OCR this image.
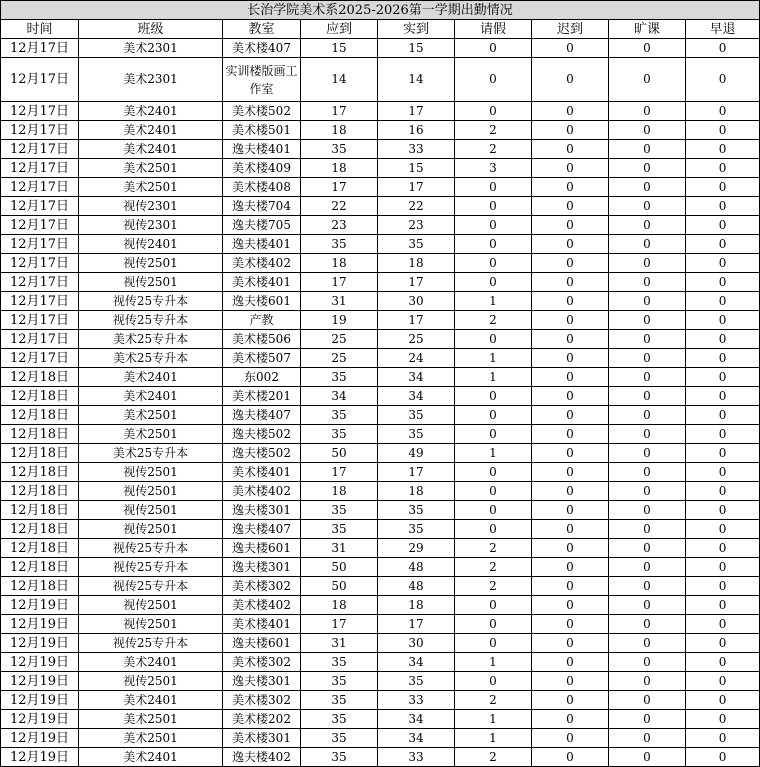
长治学院美术系2025-2026第一学期出勤情况								
时间	班级	教室	应到	实到	请假	迟到	旷课	早退
12月17日	美术2301	美术楼407	15	15	0	0	0	0
12月17日	美术2301	实训楼版画工作室	14	14	0	0	0	0
12月17日	美术2401	美术楼502	17	17	0	0	0	0
12月17日	美术2401	美术楼501	18	16	2	0	0	0
12月17日	美术2401	逸夫楼401	35	33	2	0	0	0
12月17日	美术2501	美术楼409	18	15	3	0	0	0
12月17日	美术2501	美术楼408	17	17	0	0	0	0
12月17日	视传2301	逸夫楼704	22	22	0	0	0	0
12月17日	视传2301	逸夫楼705	23	23	0	0	0	0
12月17日	视传2401	逸夫楼401	35	35	0	0	0	0
12月17日	视传2501	美术楼402	18	18	0	0	0	0
12月17日	视传2501	美术楼401	17	17	0	0	0	0
12月17日	视传25专升本	逸夫楼601	31	30	1	0	0	0
12月17日	视传25专升本	产教	19	17	2	0	0	0
12月17日	美术25专升本	美术楼506	25	25	0	0	0	0
12月17日	美术25专升本	美术楼507	25	24	1	0	0	0
12月18日	美术2401	东002	35	34	1	0	0	0
12月18日	美术2401	美术楼201	34	34	0	0	0	0
12月18日	美术2501	逸夫楼407	35	35	0	0	0	0
12月18日	美术2501	逸夫楼502	35	35	0	0	0	0
12月18日	美术25专升本	逸夫楼502	50	49	1	0	0	0
12月18日	视传2501	美术楼401	17	17	0	0	0	0
12月18日	视传2501	美术楼402	18	18	0	0	0	0
12月18日	视传2501	逸夫楼301	35	35	0	0	0	0
12月18日	视传2501	逸夫楼407	35	35	0	0	0	0
12月18日	视传25专升本	逸夫楼601	31	29	2	0	0	0
12月18日	视传25专升本	逸夫楼301	50	48	2	0	0	0
12月18日	视传25专升本	美术楼302	50	48	2	0	0	0
12月19日	视传2501	美术楼402	18	18	0	0	0	0
12月19日	视传2501	美术楼401	17	17	0	0	0	0
12月19日	视传25专升本	逸夫楼601	31	30	0	0	0	0
12月19日	美术2401	美术楼302	35	34	1	0	0	0
12月19日	视传2501	逸夫楼301	35	35	0	0	0	0
12月19日	美术2401	美术楼302	35	33	2	0	0	0
12月19日	美术2501	美术楼202	35	34	1	0	0	0
12月19日	美术2501	美术楼301	35	34	1	0	0	0
12月19日	美术2401	逸夫楼402	35	33	2	0	0	0
